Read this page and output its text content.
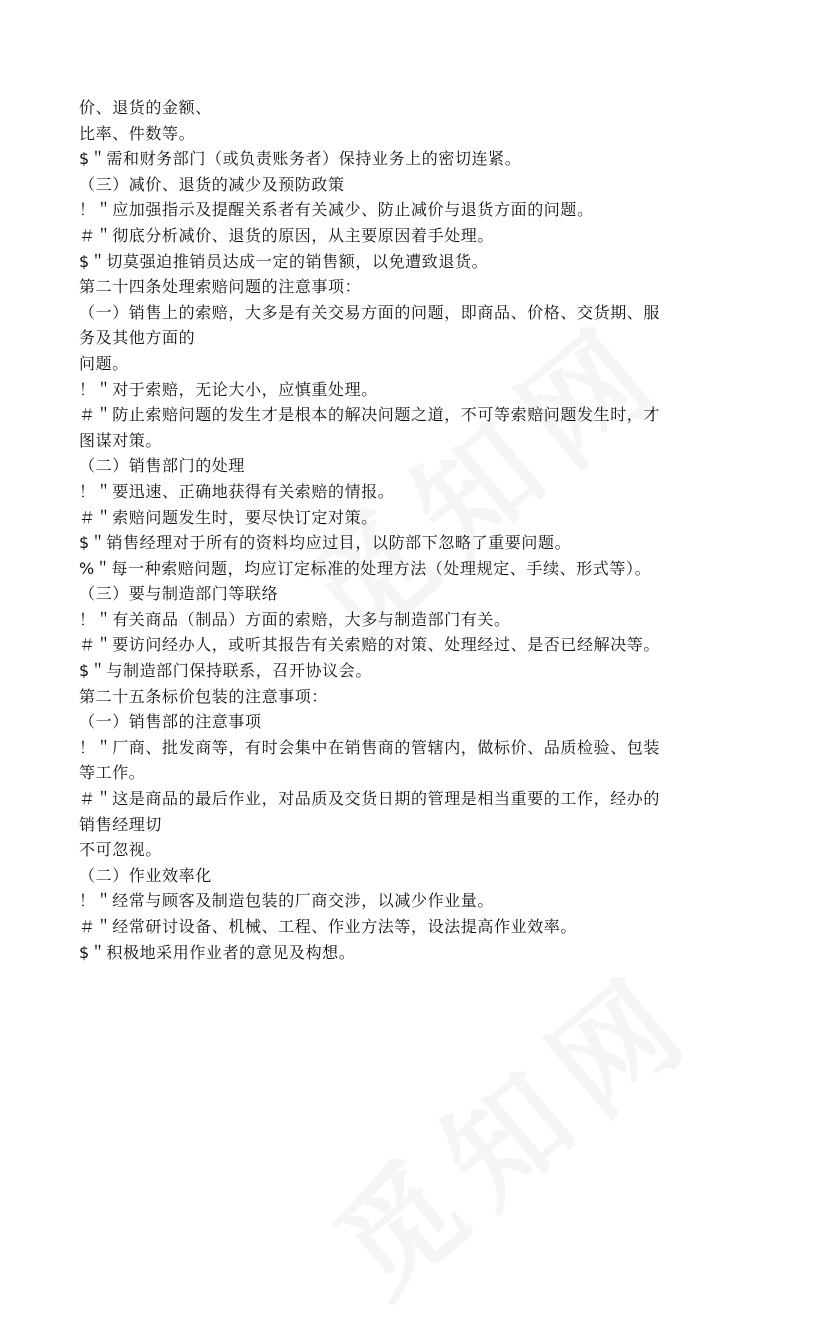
价、退货的金额、
比率、件数等。
$＂需和财务部门（或负责账务者）保持业务上的密切连紧。
（三）减价、退货的减少及预防政策
！＂应加强指示及提醒关系者有关减少、防止减价与退货方面的问题。
＃＂彻底分析减价、退货的原因，从主要原因着手处理。
$＂切莫强迫推销员达成一定的销售额，以免遭致退货。
第二十四条处理索赔问题的注意事项：
（一）销售上的索赔，大多是有关交易方面的问题，即商品、价格、交货期、服
务及其他方面的
问题。
！＂对于索赔，无论大小，应慎重处理。
＃＂防止索赔问题的发生才是根本的解决问题之道，不可等索赔问题发生时，才
图谋对策。
（二）销售部门的处理
！＂要迅速、正确地获得有关索赔的情报。
＃＂索赔问题发生时，要尽快订定对策。
$＂销售经理对于所有的资料均应过目，以防部下忽略了重要问题。
%＂每一种索赔问题，均应订定标准的处理方法（处理规定、手续、形式等）。
（三）要与制造部门等联络
！＂有关商品（制品）方面的索赔，大多与制造部门有关。
＃＂要访问经办人，或听其报告有关索赔的对策、处理经过、是否已经解决等。
$＂与制造部门保持联系，召开协议会。
第二十五条标价包装的注意事项：
（一）销售部的注意事项
！＂厂商、批发商等，有时会集中在销售商的管辖内，做标价、品质检验、包装
等工作。
＃＂这是商品的最后作业，对品质及交货日期的管理是相当重要的工作，经办的
销售经理切
不可忽视。
（二）作业效率化
！＂经常与顾客及制造包装的厂商交涉，以减少作业量。
＃＂经常研讨设备、机械、工程、作业方法等，设法提高作业效率。
$＂积极地采用作业者的意见及构想。
